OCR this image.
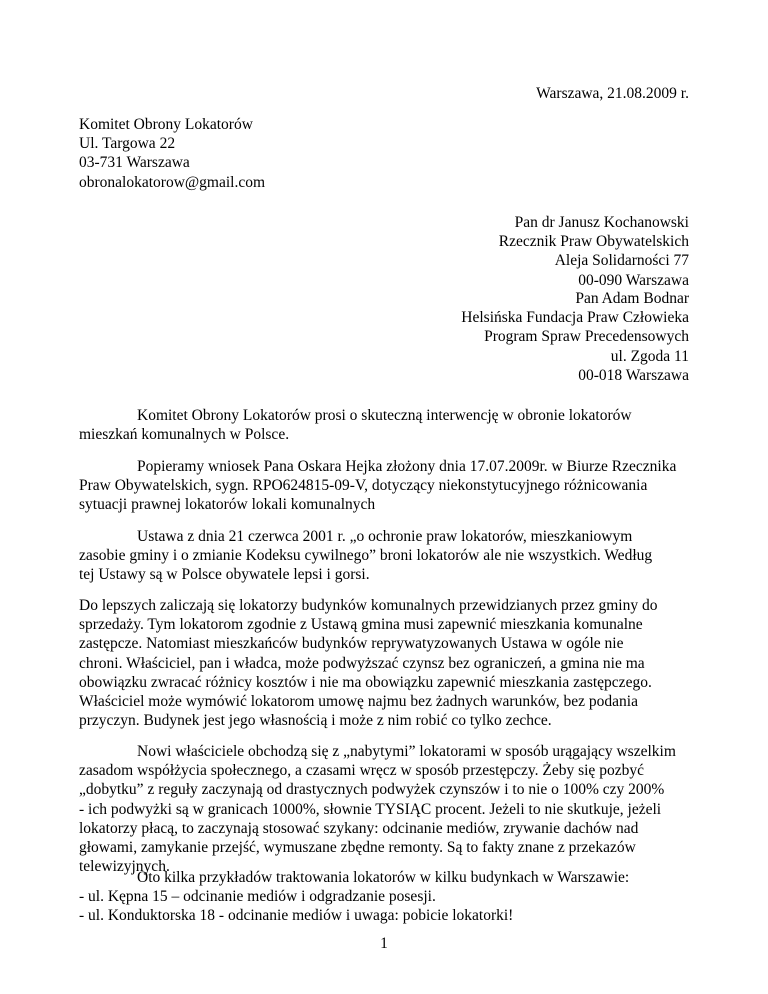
Warszawa, 21.08.2009 r.
Komitet Obrony Lokatorów
Ul. Targowa 22
03-731 Warszawa
obronalokatorow@gmail.com
Pan dr Janusz Kochanowski
Rzecznik Praw Obywatelskich
Aleja Solidarności 77
00-090 Warszawa
Pan Adam Bodnar
Helsińska Fundacja Praw Człowieka
Program Spraw Precedensowych
ul. Zgoda 11
00-018 Warszawa
Komitet Obrony Lokatorów prosi o skuteczną interwencję w obronie lokatorów
mieszkań komunalnych w Polsce.
Popieramy wniosek Pana Oskara Hejka złożony dnia 17.07.2009r. w Biurze Rzecznika
Praw Obywatelskich, sygn. RPO624815-09-V, dotyczący niekonstytucyjnego różnicowania
sytuacji prawnej lokatorów lokali komunalnych
Ustawa z dnia 21 czerwca 2001 r. „o ochronie praw lokatorów, mieszkaniowym
zasobie gminy i o zmianie Kodeksu cywilnego” broni lokatorów ale nie wszystkich. Według
tej Ustawy są w Polsce obywatele lepsi i gorsi.
Do lepszych zaliczają się lokatorzy budynków komunalnych przewidzianych przez gminy do
sprzedaży. Tym lokatorom zgodnie z Ustawą gmina musi zapewnić mieszkania komunalne
zastępcze. Natomiast mieszkańców budynków reprywatyzowanych Ustawa w ogóle nie
chroni. Właściciel, pan i władca, może podwyższać czynsz bez ograniczeń, a gmina nie ma
obowiązku zwracać różnicy kosztów i nie ma obowiązku zapewnić mieszkania zastępczego.
Właściciel może wymówić lokatorom umowę najmu bez żadnych warunków, bez podania
przyczyn. Budynek jest jego własnością i może z nim robić co tylko zechce.
Nowi właściciele obchodzą się z „nabytymi” lokatorami w sposób urągający wszelkim
zasadom współżycia społecznego, a czasami wręcz w sposób przestępczy. Żeby się pozbyć
„dobytku” z reguły zaczynają od drastycznych podwyżek czynszów i to nie o 100% czy 200%
- ich podwyżki są w granicach 1000%, słownie TYSIĄC procent. Jeżeli to nie skutkuje, jeżeli
lokatorzy płacą, to zaczynają stosować szykany: odcinanie mediów, zrywanie dachów nad
głowami, zamykanie przejść, wymuszane zbędne remonty. Są to fakty znane z przekazów
telewizyjnych.
Oto kilka przykładów traktowania lokatorów w kilku budynkach w Warszawie:
- ul. Kępna 15 – odcinanie mediów i odgradzanie posesji.
- ul. Konduktorska 18 - odcinanie mediów i uwaga: pobicie lokatorki!
1
